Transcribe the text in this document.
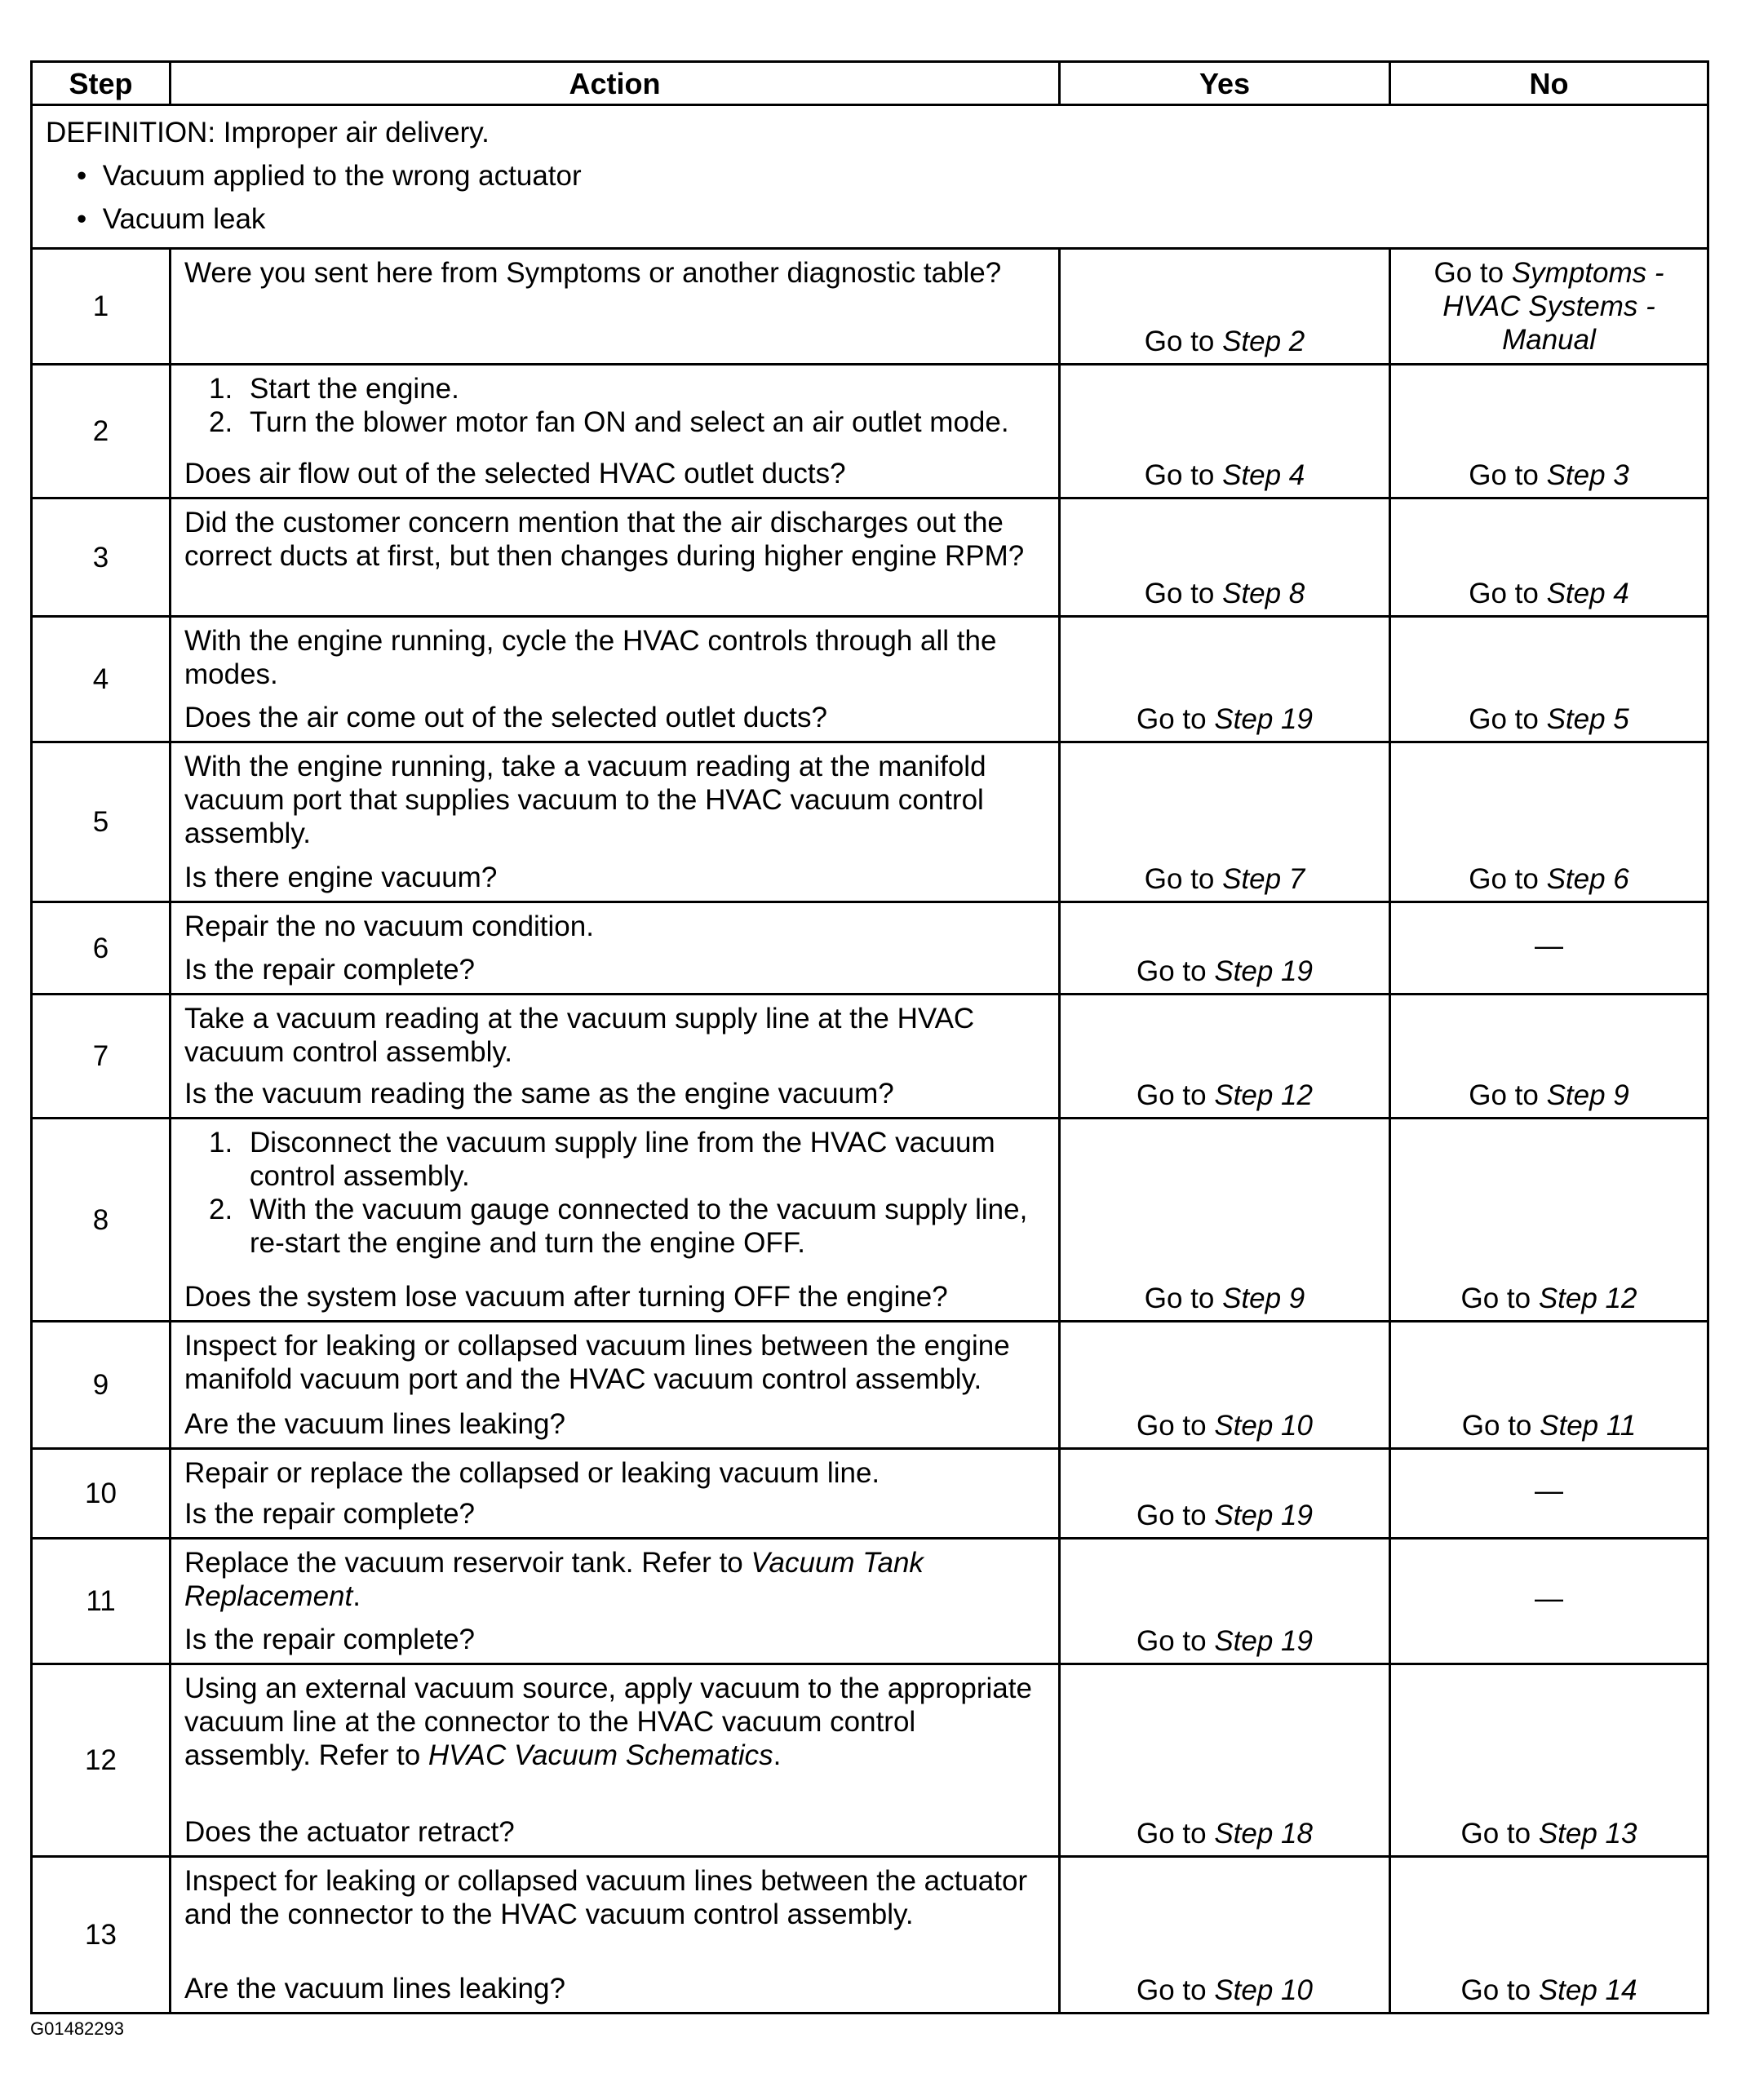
Step	Action	Yes	No

DEFINITION: Improper air delivery.
•  Vacuum applied to the wrong actuator
•  Vacuum leak			

1	Were you sent here from Symptoms or another diagnostic table?	Go to Step 2	Go to Symptoms -
HVAC Systems -
Manual

2	1. Start the engine.
2. Turn the blower motor fan ON and select an air outlet mode.
Does air flow out of the selected HVAC outlet ducts?	Go to Step 4	Go to Step 3
3	Did the customer concern mention that the air discharges out the correct ducts at first, but then changes during higher engine RPM?	Go to Step 8	Go to Step 4
4	With the engine running, cycle the HVAC controls through all the modes.
Does the air come out of the selected outlet ducts?	Go to Step 19	Go to Step 5
5	With the engine running, take a vacuum reading at the manifold vacuum port that supplies vacuum to the HVAC vacuum control assembly.
Is there engine vacuum?	Go to Step 7	Go to Step 6
6	Repair the no vacuum condition.
Is the repair complete?	Go to Step 19	—
7	Take a vacuum reading at the vacuum supply line at the HVAC vacuum control assembly.
Is the vacuum reading the same as the engine vacuum?	Go to Step 12	Go to Step 9
8	1. Disconnect the vacuum supply line from the HVAC vacuum control assembly.
2. With the vacuum gauge connected to the vacuum supply line, re-start the engine and turn the engine OFF.
Does the system lose vacuum after turning OFF the engine?	Go to Step 9	Go to Step 12
9	Inspect for leaking or collapsed vacuum lines between the engine manifold vacuum port and the HVAC vacuum control assembly.
Are the vacuum lines leaking?	Go to Step 10	Go to Step 11
10	Repair or replace the collapsed or leaking vacuum line.
Is the repair complete?	Go to Step 19	—
11	Replace the vacuum reservoir tank. Refer to Vacuum Tank Replacement.
Is the repair complete?	Go to Step 19	—
12	Using an external vacuum source, apply vacuum to the appropriate vacuum line at the connector to the HVAC vacuum control assembly. Refer to HVAC Vacuum Schematics.
Does the actuator retract?	Go to Step 18	Go to Step 13
13	Inspect for leaking or collapsed vacuum lines between the actuator and the connector to the HVAC vacuum control assembly.
Are the vacuum lines leaking?	Go to Step 10	Go to Step 14
G01482293
